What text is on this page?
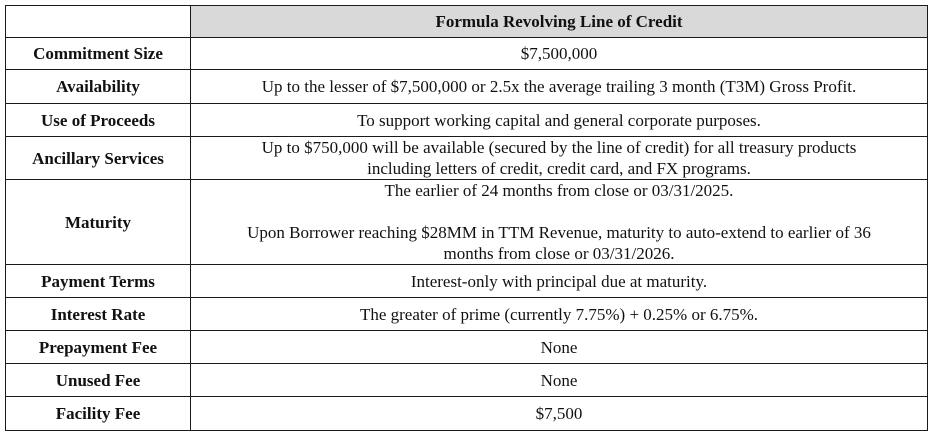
	Formula Revolving Line of Credit
Commitment Size	$7,500,000

Availability	Up to the lesser of $7,500,000 or 2.5x the average trailing 3 month (T3M) Gross Profit.

Use of Proceeds	To support working capital and general corporate purposes.

Ancillary Services	Up to $750,000 will be available (secured by the line of credit) for all treasury products
including letters of credit, credit card, and FX programs.

Maturity	The earlier of 24 months from close or 03/31/2025.
Upon Borrower reaching $28MM in TTM Revenue, maturity to auto-extend to earlier of 36
months from close or 03/31/2026.

Payment Terms	Interest-only with principal due at maturity.

Interest Rate	The greater of prime (currently 7.75%) + 0.25% or 6.75%.

Prepayment Fee	None

Unused Fee	None

Facility Fee	$7,500
